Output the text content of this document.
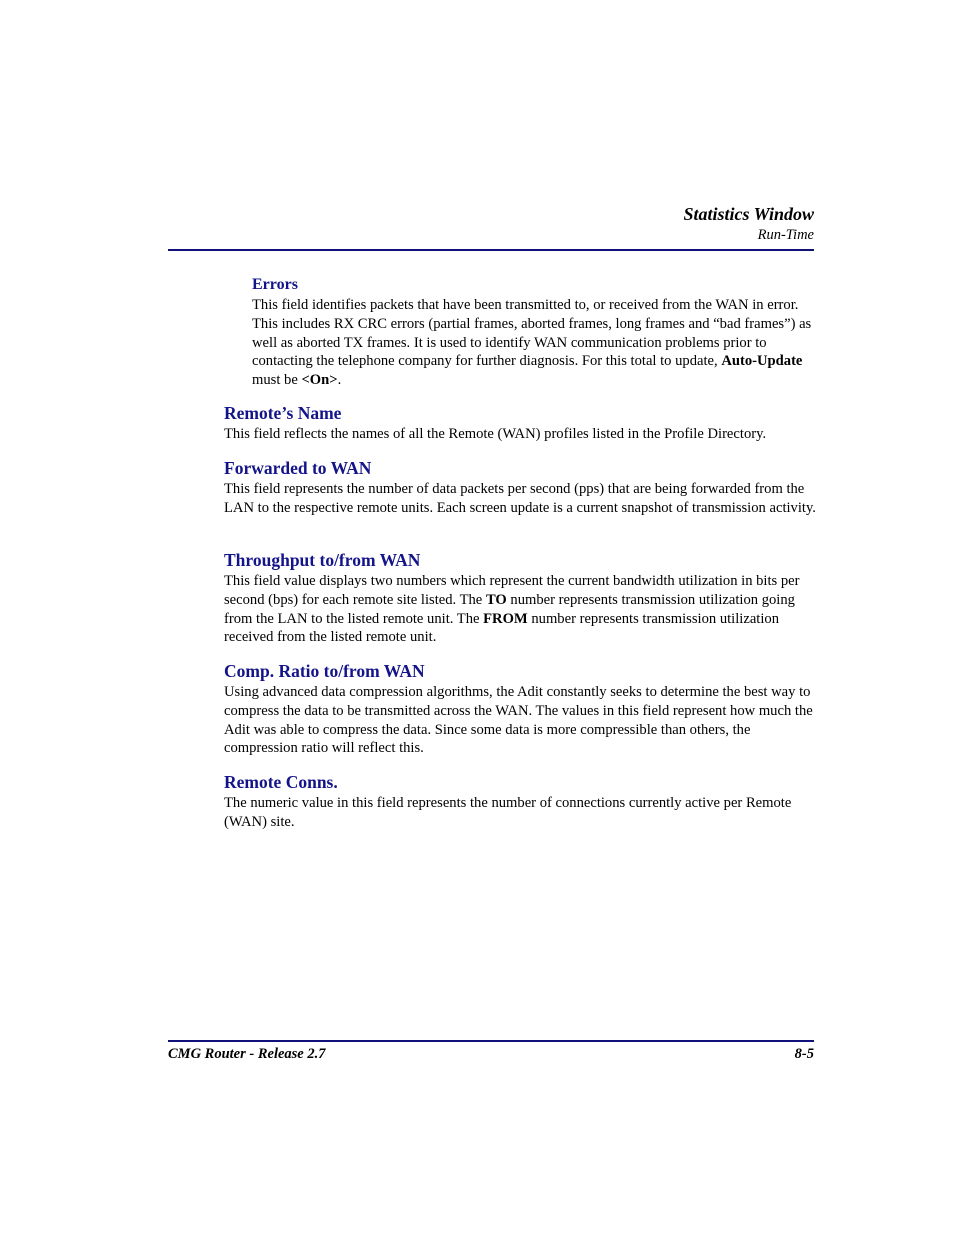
Statistics Window
Run-Time
Errors
This field identifies packets that have been transmitted to, or received from the WAN in error. This includes RX CRC errors (partial frames, aborted frames, long frames and “bad frames”) as well as aborted TX frames. It is used to identify WAN communication problems prior to contacting the telephone company for further diagnosis. For this total to update, Auto-Update must be <On>.
Remote’s Name
This field reflects the names of all the Remote (WAN) profiles listed in the Profile Directory.
Forwarded to WAN
This field represents the number of data packets per second (pps) that are being forwarded from the LAN to the respective remote units. Each screen update is a current snapshot of transmission activity.
Throughput to/from WAN
This field value displays two numbers which represent the current bandwidth utilization in bits per second (bps) for each remote site listed. The TO number represents transmission utilization going from the LAN to the listed remote unit. The FROM number represents transmission utilization received from the listed remote unit.
Comp. Ratio to/from WAN
Using advanced data compression algorithms, the Adit constantly seeks to determine the best way to compress the data to be transmitted across the WAN. The values in this field represent how much the Adit was able to compress the data. Since some data is more compressible than others, the compression ratio will reflect this.
Remote Conns.
The numeric value in this field represents the number of connections currently active per Remote (WAN) site.
CMG Router - Release 2.7	8-5
